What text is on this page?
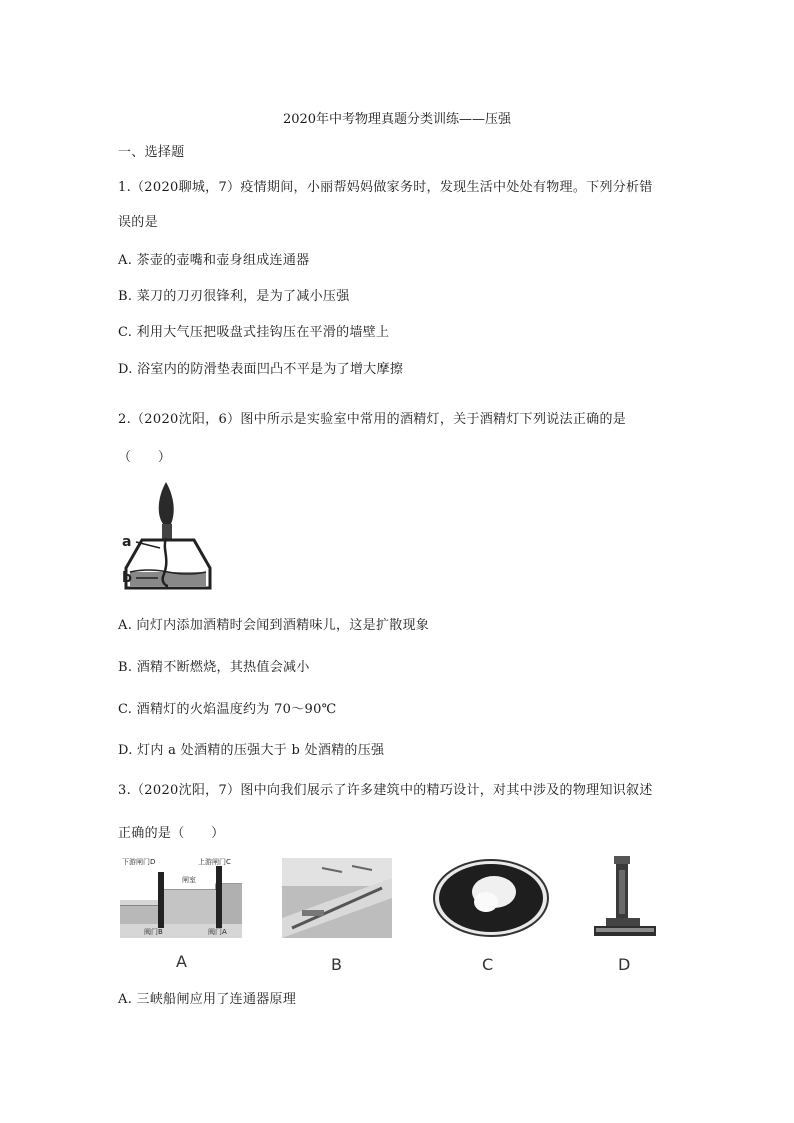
2020年中考物理真题分类训练——压强
一、选择题
1.（2020聊城，7）疫情期间，小丽帮妈妈做家务时，发现生活中处处有物理。下列分析错
误的是
A. 茶壶的壶嘴和壶身组成连通器
B. 菜刀的刀刃很锋利，是为了减小压强
C. 利用大气压把吸盘式挂钩压在平滑的墙壁上
D. 浴室内的防滑垫表面凹凸不平是为了增大摩擦
2.（2020沈阳，6）图中所示是实验室中常用的酒精灯，关于酒精灯下列说法正确的是
（　　）
a
b
A. 向灯内添加酒精时会闻到酒精味儿，这是扩散现象
B. 酒精不断燃烧，其热值会减小
C. 酒精灯的火焰温度约为 70～90℃
D. 灯内 a 处酒精的压强大于 b 处酒精的压强
3.（2020沈阳，7）图中向我们展示了许多建筑中的精巧设计，对其中涉及的物理知识叙述
正确的是（　　）
下游闸门D	上游闸门C
闸室
阀门B	阀门A
A	B	C	D
A. 三峡船闸应用了连通器原理
